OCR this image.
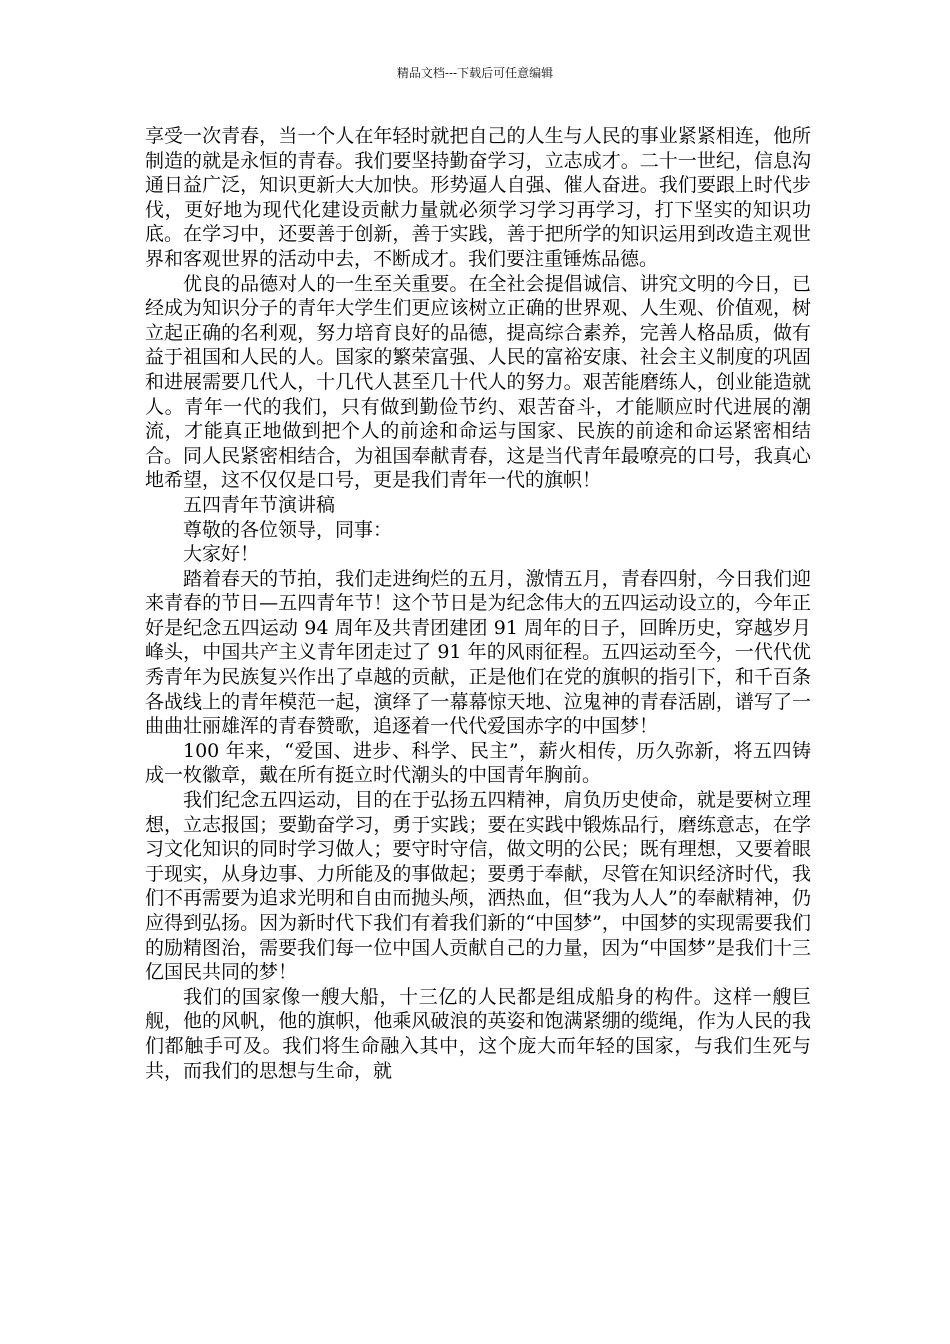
精品文档---下载后可任意编辑

享受一次青春，当一个人在年轻时就把自己的人生与人民的事业紧紧相连，他所制造的就是永恒的青春。我们要坚持勤奋学习，立志成才。二十一世纪，信息沟通日益广泛，知识更新大大加快。形势逼人自强、催人奋进。我们要跟上时代步伐，更好地为现代化建设贡献力量就必须学习学习再学习，打下坚实的知识功底。在学习中，还要善于创新，善于实践，善于把所学的知识运用到改造主观世界和客观世界的活动中去，不断成才。我们要注重锤炼品德。

优良的品德对人的一生至关重要。在全社会提倡诚信、讲究文明的今日，已经成为知识分子的青年大学生们更应该树立正确的世界观、人生观、价值观，树立起正确的名利观，努力培育良好的品德，提高综合素养，完善人格品质，做有益于祖国和人民的人。国家的繁荣富强、人民的富裕安康、社会主义制度的巩固和进展需要几代人，十几代人甚至几十代人的努力。艰苦能磨练人，创业能造就人。青年一代的我们，只有做到勤俭节约、艰苦奋斗，才能顺应时代进展的潮流，才能真正地做到把个人的前途和命运与国家、民族的前途和命运紧密相结合。同人民紧密相结合，为祖国奉献青春，这是当代青年最嘹亮的口号，我真心地希望，这不仅仅是口号，更是我们青年一代的旗帜！

五四青年节演讲稿

尊敬的各位领导，同事：

大家好！

踏着春天的节拍，我们走进绚烂的五月，激情五月，青春四射，今日我们迎来青春的节日—五四青年节！这个节日是为纪念伟大的五四运动设立的，今年正好是纪念五四运动 94 周年及共青团建团 91 周年的日子，回眸历史，穿越岁月峰头，中国共产主义青年团走过了 91 年的风雨征程。五四运动至今，一代代优秀青年为民族复兴作出了卓越的贡献，正是他们在党的旗帜的指引下，和千百条各战线上的青年模范一起，演绎了一幕幕惊天地、泣鬼神的青春活剧，谱写了一曲曲壮丽雄浑的青春赞歌，追逐着一代代爱国赤字的中国梦！

100 年来，“爱国、进步、科学、民主”，薪火相传，历久弥新，将五四铸成一枚徽章，戴在所有挺立时代潮头的中国青年胸前。

我们纪念五四运动，目的在于弘扬五四精神，肩负历史使命，就是要树立理想，立志报国；要勤奋学习，勇于实践；要在实践中锻炼品行，磨练意志，在学习文化知识的同时学习做人；要守时守信，做文明的公民；既有理想，又要着眼于现实，从身边事、力所能及的事做起；要勇于奉献，尽管在知识经济时代，我们不再需要为追求光明和自由而抛头颅，洒热血，但“我为人人”的奉献精神，仍应得到弘扬。因为新时代下我们有着我们新的“中国梦”，中国梦的实现需要我们的励精图治，需要我们每一位中国人贡献自己的力量，因为“中国梦”是我们十三亿国民共同的梦！

我们的国家像一艘大船，十三亿的人民都是组成船身的构件。这样一艘巨舰，他的风帆，他的旗帜，他乘风破浪的英姿和饱满紧绷的缆绳，作为人民的我们都触手可及。我们将生命融入其中，这个庞大而年轻的国家，与我们生死与共，而我们的思想与生命，就
